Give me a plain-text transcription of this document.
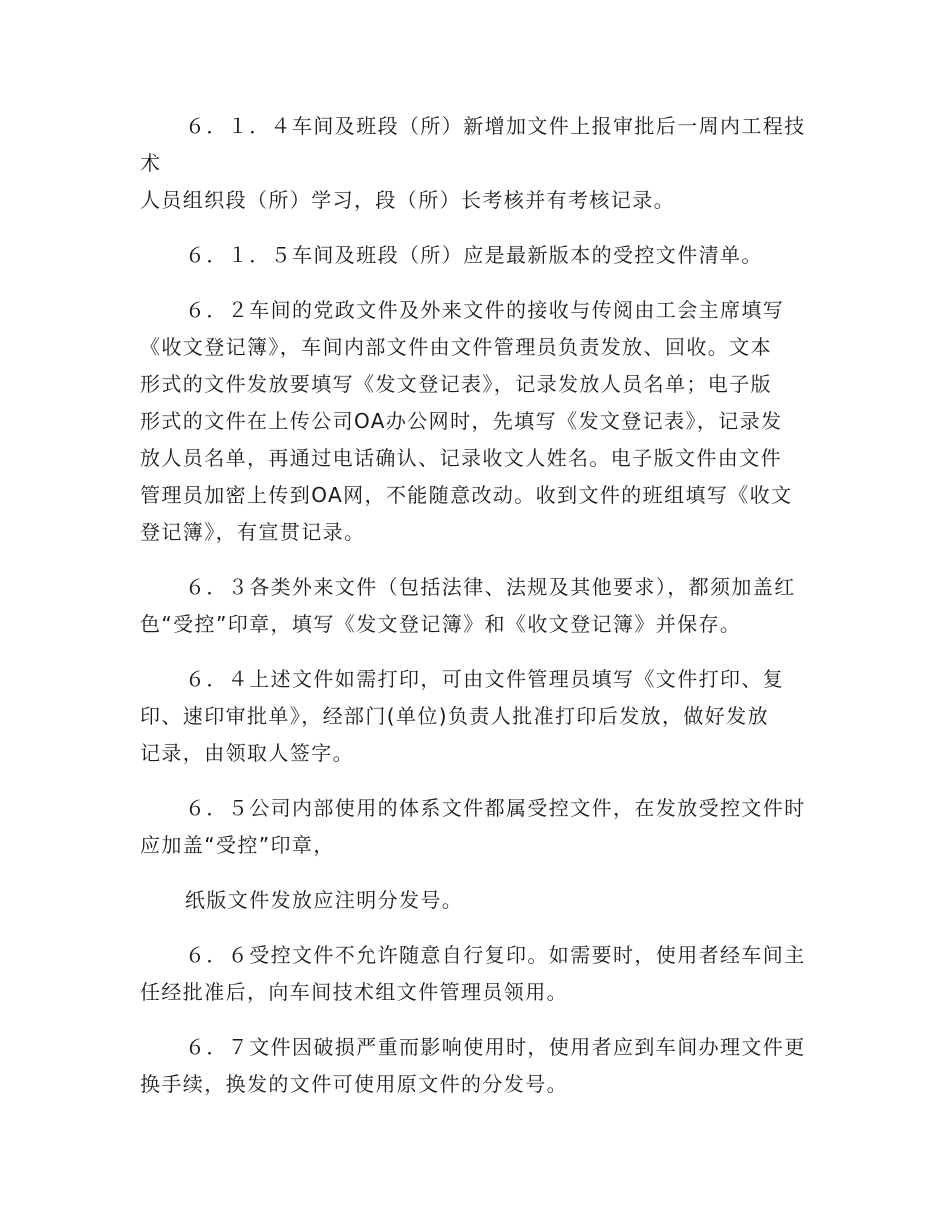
６．１．４车间及班段（所）新增加文件上报审批后一周内工程技术
人员组织段（所）学习，段（所）长考核并有考核记录。

６．１．５车间及班段（所）应是最新版本的受控文件清单。

６．２车间的党政文件及外来文件的接收与传阅由工会主席填写
《收文登记簿》，车间内部文件由文件管理员负责发放、回收。文本
形式的文件发放要填写《发文登记表》，记录发放人员名单；电子版
形式的文件在上传公司OA办公网时，先填写《发文登记表》，记录发
放人员名单，再通过电话确认、记录收文人姓名。电子版文件由文件
管理员加密上传到OA网，不能随意改动。收到文件的班组填写《收文
登记簿》，有宣贯记录。

６．３各类外来文件（包括法律、法规及其他要求），都须加盖红
色“受控”印章，填写《发文登记簿》和《收文登记簿》并保存。

６．４上述文件如需打印，可由文件管理员填写《文件打印、复
印、速印审批单》，经部门(单位)负责人批准打印后发放，做好发放
记录，由领取人签字。

６．５公司内部使用的体系文件都属受控文件，在发放受控文件时
应加盖“受控”印章，

纸版文件发放应注明分发号。

６．６受控文件不允许随意自行复印。如需要时，使用者经车间主
任经批准后，向车间技术组文件管理员领用。

６．７文件因破损严重而影响使用时，使用者应到车间办理文件更
换手续，换发的文件可使用原文件的分发号。
